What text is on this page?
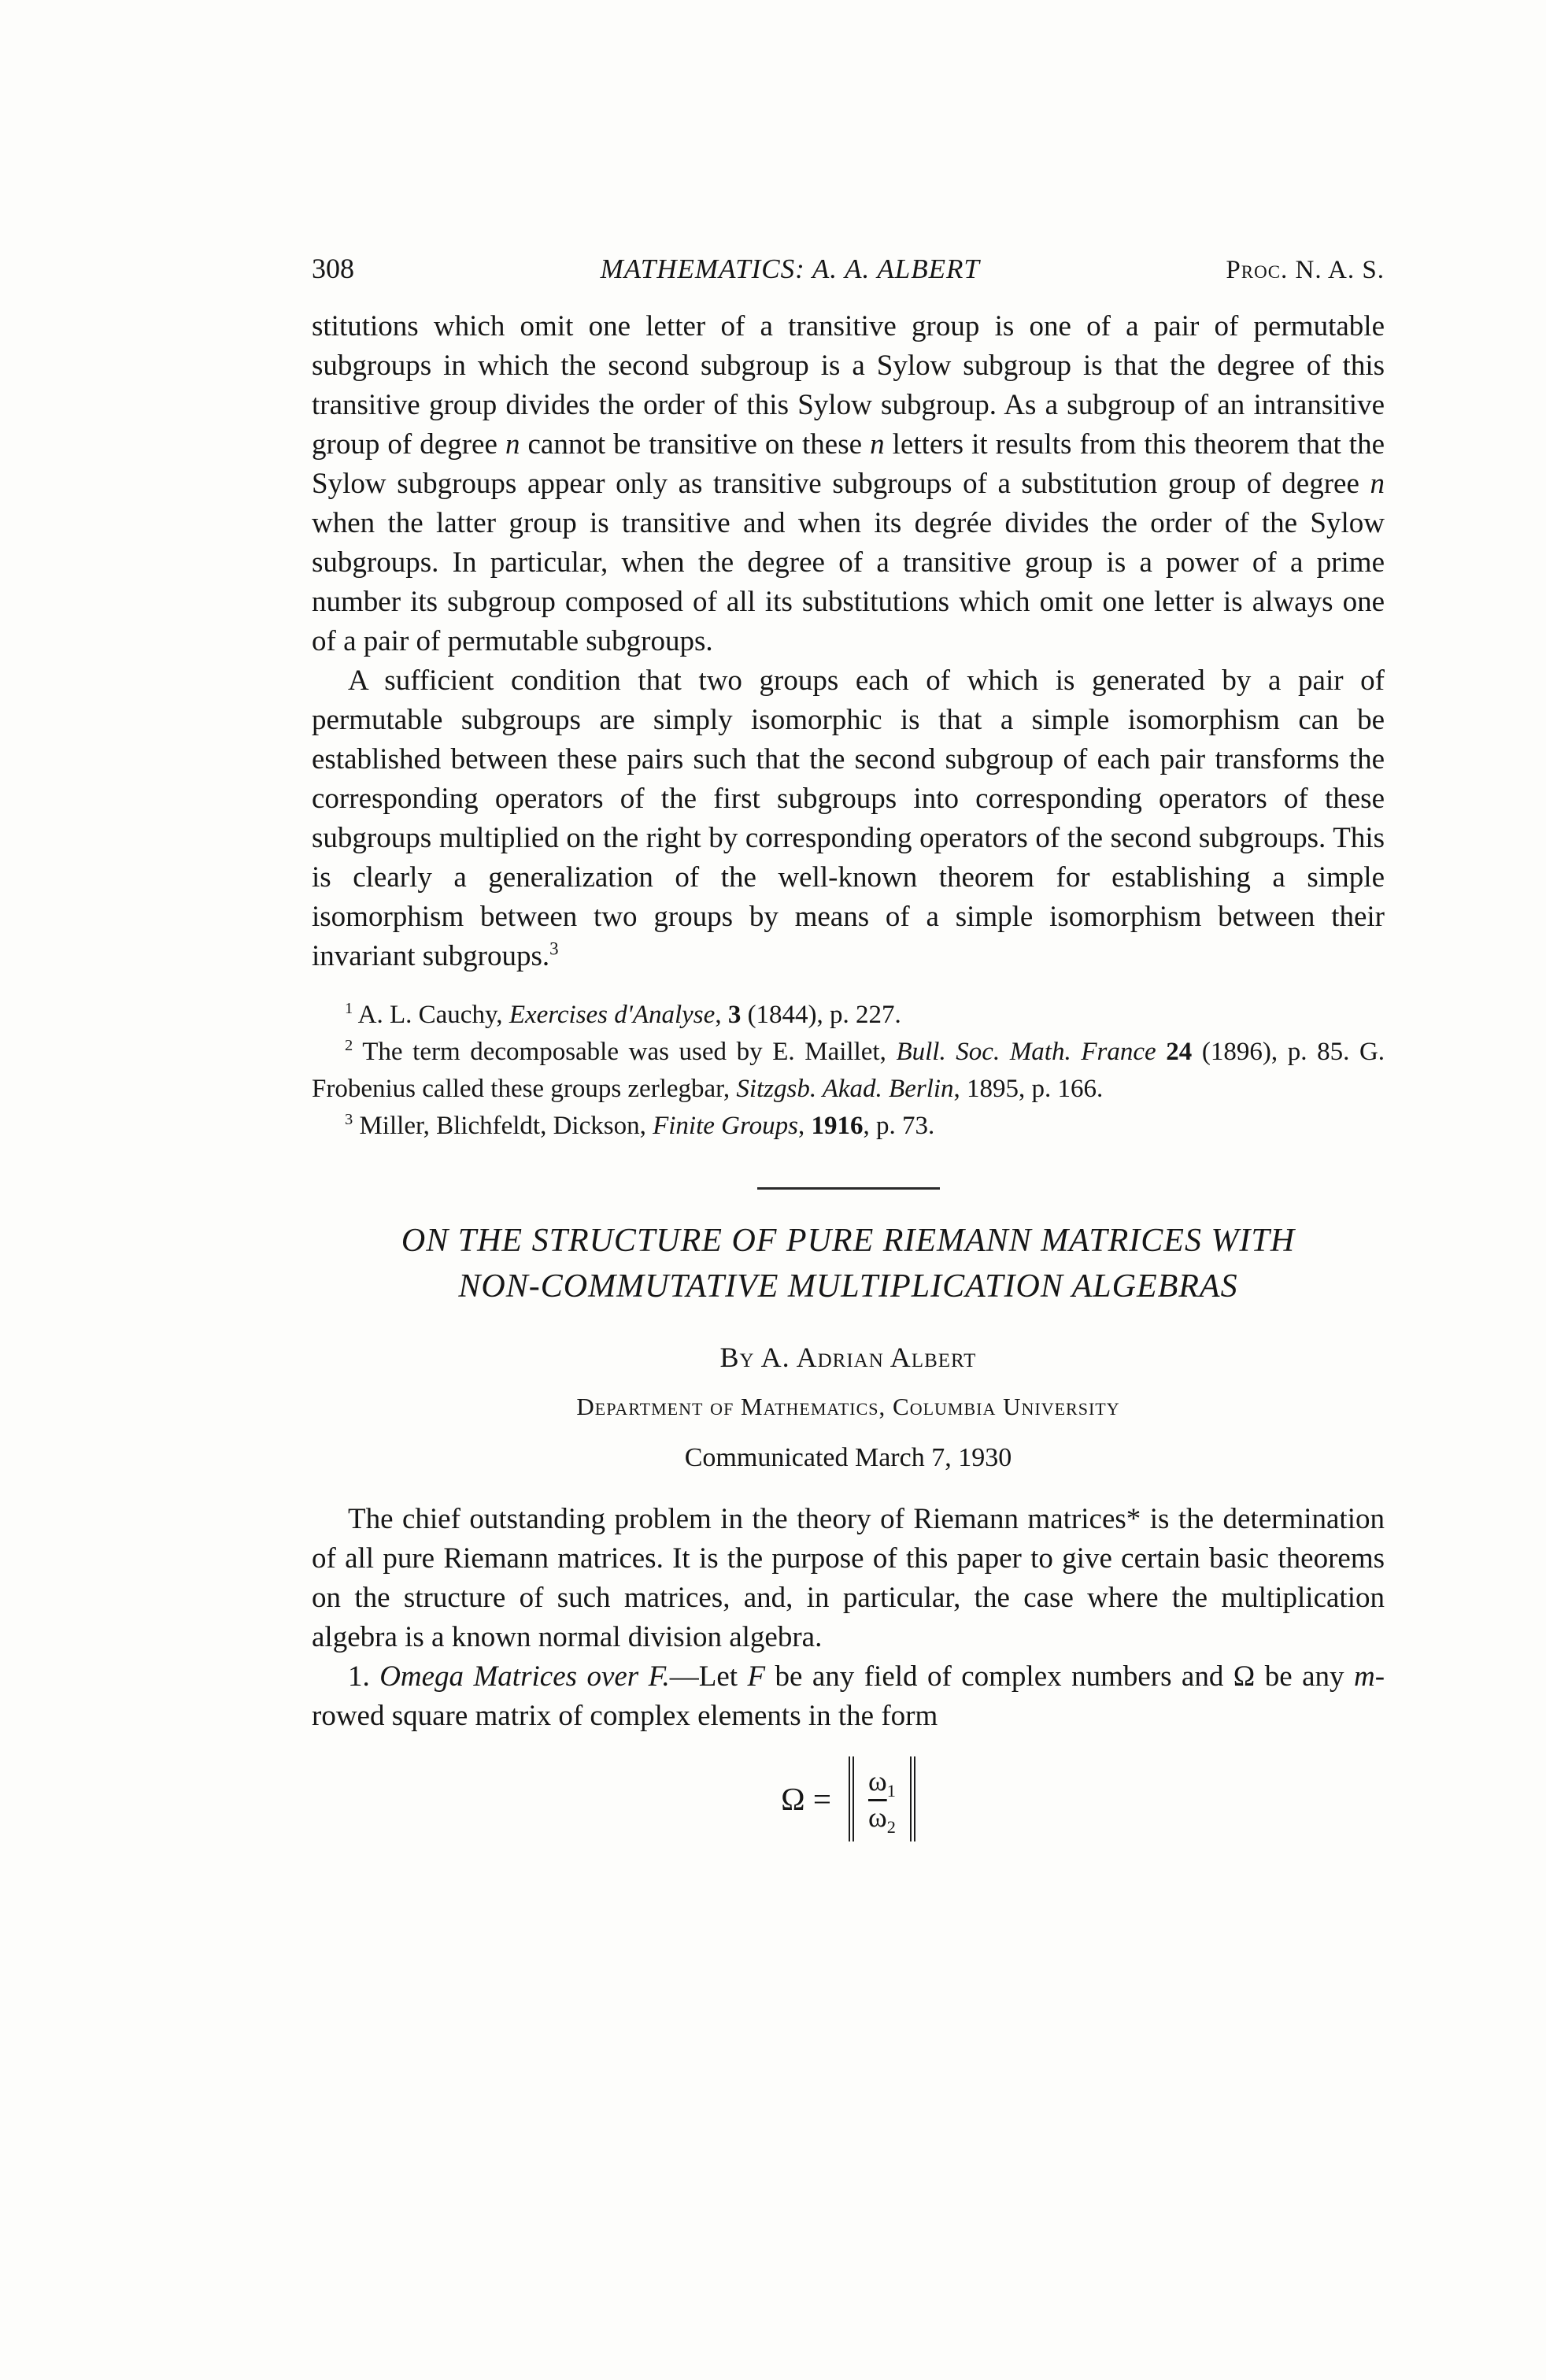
308	MATHEMATICS: A. A. ALBERT	Proc. N. A. S.

stitutions which omit one letter of a transitive group is one of a pair of permutable subgroups in which the second subgroup is a Sylow subgroup is that the degree of this transitive group divides the order of this Sylow subgroup. As a subgroup of an intransitive group of degree n cannot be transitive on these n letters it results from this theorem that the Sylow subgroups appear only as transitive subgroups of a substitution group of degree n when the latter group is transitive and when its degrée divides the order of the Sylow subgroups. In particular, when the degree of a transitive group is a power of a prime number its subgroup composed of all its substitutions which omit one letter is always one of a pair of permutable subgroups.

A sufficient condition that two groups each of which is generated by a pair of permutable subgroups are simply isomorphic is that a simple isomorphism can be established between these pairs such that the second subgroup of each pair transforms the corresponding operators of the first subgroups into corresponding operators of these subgroups multiplied on the right by corresponding operators of the second subgroups. This is clearly a generalization of the well-known theorem for establishing a simple isomorphism between two groups by means of a simple isomorphism between their invariant subgroups.$^3$

$^1$ A. L. Cauchy, Exercises d'Analyse, 3 (1844), p. 227.

$^2$ The term decomposable was used by E. Maillet, Bull. Soc. Math. France 24 (1896), p. 85. G. Frobenius called these groups zerlegbar, Sitzgsb. Akad. Berlin, 1895, p. 166.

$^3$ Miller, Blichfeldt, Dickson, Finite Groups, 1916, p. 73.

ON THE STRUCTURE OF PURE RIEMANN MATRICES WITH
NON-COMMUTATIVE MULTIPLICATION ALGEBRAS
By A. Adrian Albert
Department of Mathematics, Columbia University
Communicated March 7, 1930

The chief outstanding problem in the theory of Riemann matrices* is the determination of all pure Riemann matrices. It is the purpose of this paper to give certain basic theorems on the structure of such matrices, and, in particular, the case where the multiplication algebra is a known normal division algebra.

1. Omega Matrices over F.—Let F be any field of complex numbers and Ω be any m-rowed square matrix of complex elements in the form

$\Omega = \omega_1$
$\overline{\omega}_2$
